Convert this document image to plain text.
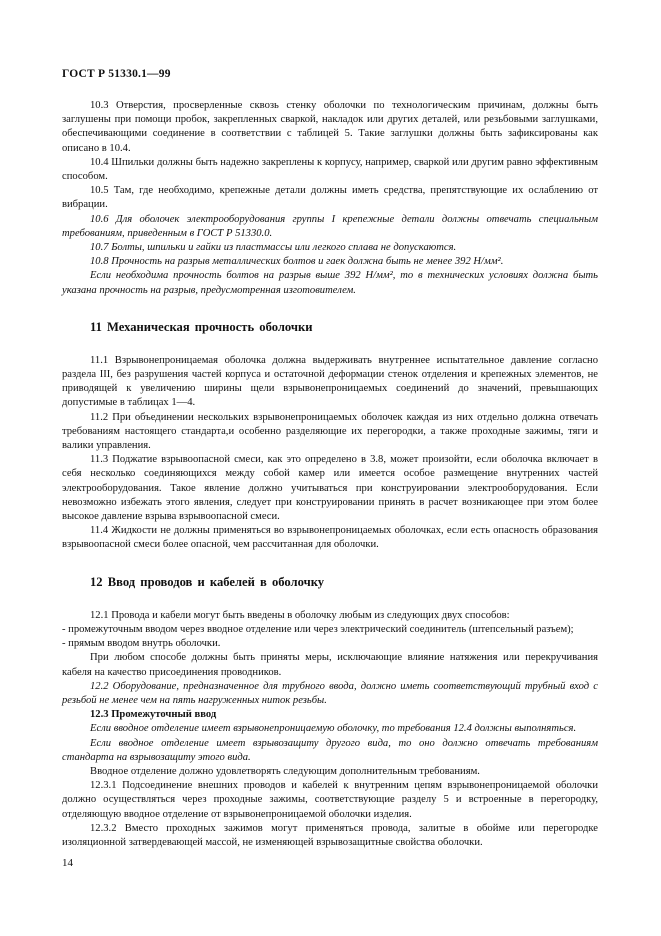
ГОСТ Р 51330.1—99

10.3 Отверстия, просверленные сквозь стенку оболочки по технологическим причинам, должны быть заглушены при помощи пробок, закрепленных сваркой, накладок или других деталей, или резьбовыми заглушками, обеспечивающими соединение в соответствии с таблицей 5. Такие заглушки должны быть зафиксированы как описано в 10.4.

10.4 Шпильки должны быть надежно закреплены к корпусу, например, сваркой или другим равно эффективным способом.

10.5 Там, где необходимо, крепежные детали должны иметь средства, препятствующие их ослаблению от вибрации.

10.6 Для оболочек электрооборудования группы I крепежные детали должны отвечать специальным требованиям, приведенным в ГОСТ Р 51330.0.

10.7 Болты, шпильки и гайки из пластмассы или легкого сплава не допускаются.

10.8 Прочность на разрыв металлических болтов и гаек должна быть не менее 392 Н/мм².

Если необходима прочность болтов на разрыв выше 392 Н/мм², то в технических условиях должна быть указана прочность на разрыв, предусмотренная изготовителем.

11 Механическая прочность оболочки

11.1 Взрывонепроницаемая оболочка должна выдерживать внутреннее испытательное давление согласно раздела III, без разрушения частей корпуса и остаточной деформации стенок отделения и крепежных элементов, не приводящей к увеличению ширины щели взрывонепроницаемых соединений до значений, превышающих допустимые в таблицах 1—4.

11.2 При объединении нескольких взрывонепроницаемых оболочек каждая из них отдельно должна отвечать требованиям настоящего стандарта,и особенно разделяющие их перегородки, а также проходные зажимы, тяги и валики управления.

11.3 Поджатие взрывоопасной смеси, как это определено в 3.8, может произойти, если оболочка включает в себя несколько соединяющихся между собой камер или имеется особое размещение внутренних частей электрооборудования. Такое явление должно учитываться при конструировании электрооборудования. Если невозможно избежать этого явления, следует при конструировании принять в расчет возникающее при этом более высокое давление взрыва взрывоопасной смеси.

11.4 Жидкости не должны применяться во взрывонепроницаемых оболочках, если есть опасность образования взрывоопасной смеси более опасной, чем рассчитанная для оболочки.

12 Ввод проводов и кабелей в оболочку

12.1 Провода и кабели могут быть введены в оболочку любым из следующих двух способов:

- промежуточным вводом через вводное отделение или через электрический соединитель (штепсельный разъем);

- прямым вводом внутрь оболочки.

При любом способе должны быть приняты меры, исключающие влияние натяжения или перекручивания кабеля на качество присоединения проводников.

12.2 Оборудование, предназначенное для трубного ввода, должно иметь соответствующий трубный вход с резьбой не менее чем на пять нагруженных ниток резьбы.

12.3 Промежуточный ввод

Если вводное отделение имеет взрывонепроницаемую оболочку, то требования 12.4 должны выполняться.

Если вводное отделение имеет взрывозащиту другого вида, то оно должно отвечать требованиям стандарта на взрывозащиту этого вида.

Вводное отделение должно удовлетворять следующим дополнительным требованиям.

12.3.1 Подсоединение внешних проводов и кабелей к внутренним цепям взрывонепроницаемой оболочки должно осуществляться через проходные зажимы, соответствующие разделу 5 и встроенные в перегородку, отделяющую вводное отделение от взрывонепроницаемой оболочки изделия.

12.3.2 Вместо проходных зажимов могут применяться провода, залитые в обойме или перегородке изоляционной затвердевающей массой, не изменяющей взрывозащитные свойства оболочки.

14
